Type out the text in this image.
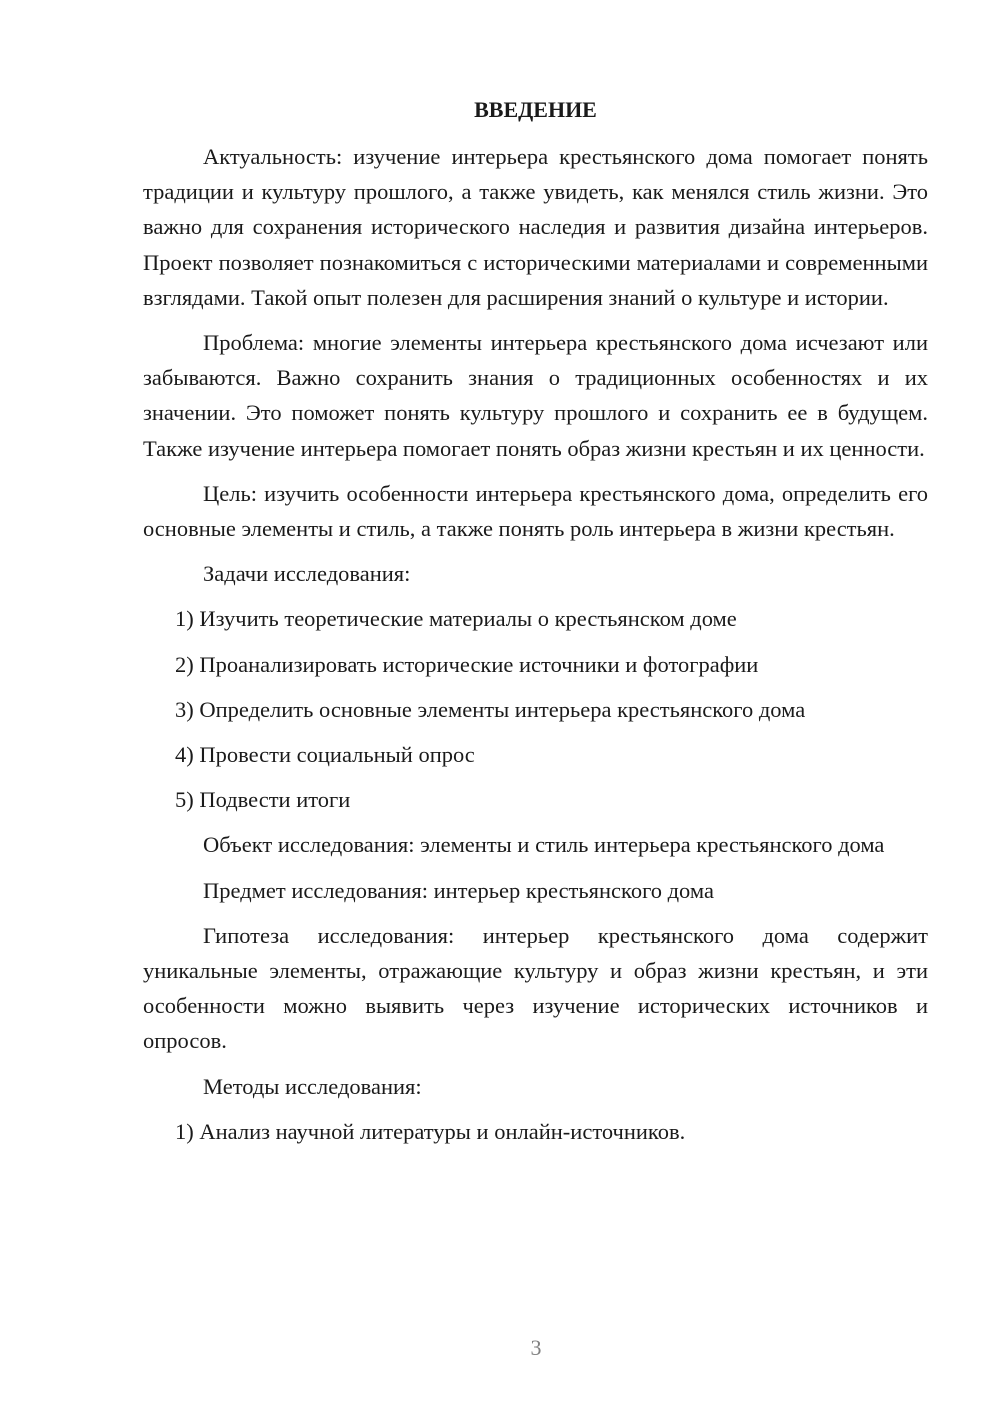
ВВЕДЕНИЕ

Актуальность: изучение интерьера крестьянского дома помогает понять традиции и культуру прошлого, а также увидеть, как менялся стиль жизни. Это важно для сохранения исторического наследия и развития дизайна интерьеров. Проект позволяет познакомиться с историческими материалами и современными взглядами. Такой опыт полезен для расширения знаний о культуре и истории.

Проблема: многие элементы интерьера крестьянского дома исчезают или забываются. Важно сохранить знания о традиционных особенностях и их значении. Это поможет понять культуру прошлого и сохранить ее в будущем. Также изучение интерьера помогает понять образ жизни крестьян и их ценности.

Цель: изучить особенности интерьера крестьянского дома, определить его основные элементы и стиль, а также понять роль интерьера в жизни крестьян.

Задачи исследования:

1) Изучить теоретические материалы о крестьянском доме

2) Проанализировать исторические источники и фотографии

3) Определить основные элементы интерьера крестьянского дома

4) Провести социальный опрос

5) Подвести итоги

Объект исследования: элементы и стиль интерьера крестьянского дома

Предмет исследования: интерьер крестьянского дома

Гипотеза исследования: интерьер крестьянского дома содержит уникальные элементы, отражающие культуру и образ жизни крестьян, и эти особенности можно выявить через изучение исторических источников и опросов.

Методы исследования:

1) Анализ научной литературы и онлайн-источников.

3
